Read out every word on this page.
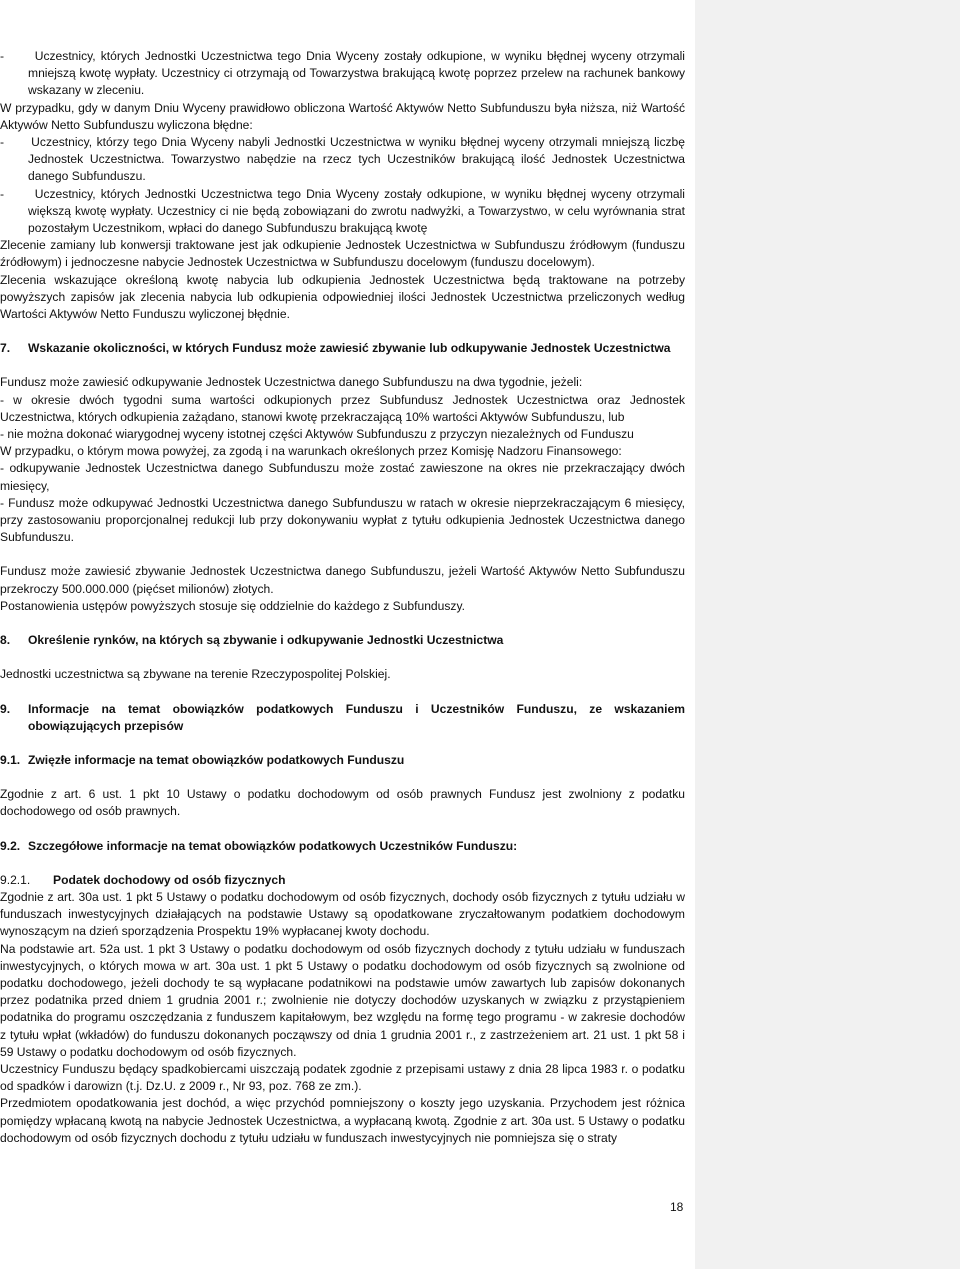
-      Uczestnicy, których Jednostki Uczestnictwa tego Dnia Wyceny zostały odkupione, w wyniku błędnej wyceny otrzymali mniejszą kwotę wypłaty. Uczestnicy ci otrzymają od Towarzystwa brakującą kwotę poprzez przelew na rachunek bankowy wskazany w zleceniu.

W przypadku, gdy w danym Dniu Wyceny prawidłowo obliczona Wartość Aktywów Netto Subfunduszu była niższa, niż Wartość Aktywów Netto Subfunduszu wyliczona błędne:

-      Uczestnicy, którzy tego Dnia Wyceny nabyli Jednostki Uczestnictwa w wyniku błędnej wyceny otrzymali mniejszą liczbę Jednostek Uczestnictwa. Towarzystwo nabędzie na rzecz tych Uczestników brakującą ilość Jednostek Uczestnictwa danego Subfunduszu.

-      Uczestnicy, których Jednostki Uczestnictwa tego Dnia Wyceny zostały odkupione, w wyniku błędnej wyceny otrzymali większą kwotę wypłaty. Uczestnicy ci nie będą zobowiązani do zwrotu nadwyżki, a Towarzystwo, w celu wyrównania strat pozostałym Uczestnikom, wpłaci do danego Subfunduszu brakującą kwotę

Zlecenie zamiany lub konwersji traktowane jest jak odkupienie Jednostek Uczestnictwa w Subfunduszu źródłowym (funduszu źródłowym) i jednoczesne nabycie Jednostek Uczestnictwa w Subfunduszu docelowym (funduszu docelowym).

Zlecenia wskazujące określoną kwotę nabycia lub odkupienia Jednostek Uczestnictwa będą traktowane na potrzeby powyższych zapisów jak zlecenia nabycia lub odkupienia odpowiedniej ilości Jednostek Uczestnictwa przeliczonych według Wartości Aktywów Netto Funduszu wyliczonej błędnie.

7. Wskazanie okoliczności, w których Fundusz może zawiesić zbywanie lub odkupywanie Jednostek Uczestnictwa

Fundusz może zawiesić odkupywanie Jednostek Uczestnictwa danego Subfunduszu na dwa tygodnie, jeżeli:

- w okresie dwóch tygodni suma wartości odkupionych przez Subfundusz Jednostek Uczestnictwa oraz Jednostek Uczestnictwa, których odkupienia zażądano, stanowi kwotę przekraczającą 10% wartości Aktywów Subfunduszu, lub

- nie można dokonać wiarygodnej wyceny istotnej części Aktywów Subfunduszu z przyczyn niezależnych od Funduszu

W przypadku, o którym mowa powyżej, za zgodą i na warunkach określonych przez Komisję Nadzoru Finansowego:

- odkupywanie Jednostek Uczestnictwa danego Subfunduszu może zostać zawieszone na okres nie przekraczający dwóch miesięcy,

- Fundusz może odkupywać Jednostki Uczestnictwa danego Subfunduszu w ratach w okresie nieprzekraczającym 6 miesięcy, przy zastosowaniu proporcjonalnej redukcji lub przy dokonywaniu wypłat z tytułu odkupienia Jednostek Uczestnictwa danego Subfunduszu.

Fundusz może zawiesić zbywanie Jednostek Uczestnictwa danego Subfunduszu, jeżeli Wartość Aktywów Netto Subfunduszu przekroczy 500.000.000 (pięćset milionów) złotych.

Postanowienia ustępów powyższych stosuje się oddzielnie do każdego z Subfunduszy.

8. Określenie rynków, na których są zbywanie i odkupywanie Jednostki Uczestnictwa

Jednostki uczestnictwa są zbywane na terenie Rzeczypospolitej Polskiej.

9. Informacje na temat obowiązków podatkowych Funduszu i Uczestników Funduszu, ze wskazaniem obowiązujących przepisów
9.1. Zwięzłe informacje na temat obowiązków podatkowych Funduszu

Zgodnie z art. 6 ust. 1 pkt 10 Ustawy o podatku dochodowym od osób prawnych Fundusz jest zwolniony z podatku dochodowego od osób prawnych.

9.2. Szczegółowe informacje na temat obowiązków podatkowych Uczestników Funduszu:
9.2.1. Podatek dochodowy od osób fizycznych

Zgodnie z art. 30a ust. 1 pkt 5 Ustawy o podatku dochodowym od osób fizycznych, dochody osób fizycznych z tytułu udziału w funduszach inwestycyjnych działających na podstawie Ustawy są opodatkowane zryczałtowanym podatkiem dochodowym wynoszącym na dzień sporządzenia Prospektu 19% wypłacanej kwoty dochodu.

Na podstawie art. 52a ust. 1 pkt 3 Ustawy o podatku dochodowym od osób fizycznych dochody z tytułu udziału w funduszach inwestycyjnych, o których mowa w art. 30a ust. 1 pkt 5 Ustawy o podatku dochodowym od osób fizycznych są zwolnione od podatku dochodowego, jeżeli dochody te są wypłacane podatnikowi na podstawie umów zawartych lub zapisów dokonanych przez podatnika przed dniem 1 grudnia 2001 r.; zwolnienie nie dotyczy dochodów uzyskanych w związku z przystąpieniem podatnika do programu oszczędzania z funduszem kapitałowym, bez względu na formę tego programu - w zakresie dochodów z tytułu wpłat (wkładów) do funduszu dokonanych począwszy od dnia 1 grudnia 2001 r., z zastrzeżeniem art. 21 ust. 1 pkt 58 i 59 Ustawy o podatku dochodowym od osób fizycznych.

Uczestnicy Funduszu będący spadkobiercami uiszczają podatek zgodnie z przepisami ustawy z dnia 28 lipca 1983 r. o podatku od spadków i darowizn (t.j. Dz.U. z 2009 r., Nr 93, poz. 768 ze zm.).

Przedmiotem opodatkowania jest dochód, a więc przychód pomniejszony o koszty jego uzyskania. Przychodem jest różnica pomiędzy wpłacaną kwotą na nabycie Jednostek Uczestnictwa, a wypłacaną kwotą. Zgodnie z art. 30a ust. 5 Ustawy o podatku dochodowym od osób fizycznych dochodu z tytułu udziału w funduszach inwestycyjnych nie pomniejsza się o straty

18
